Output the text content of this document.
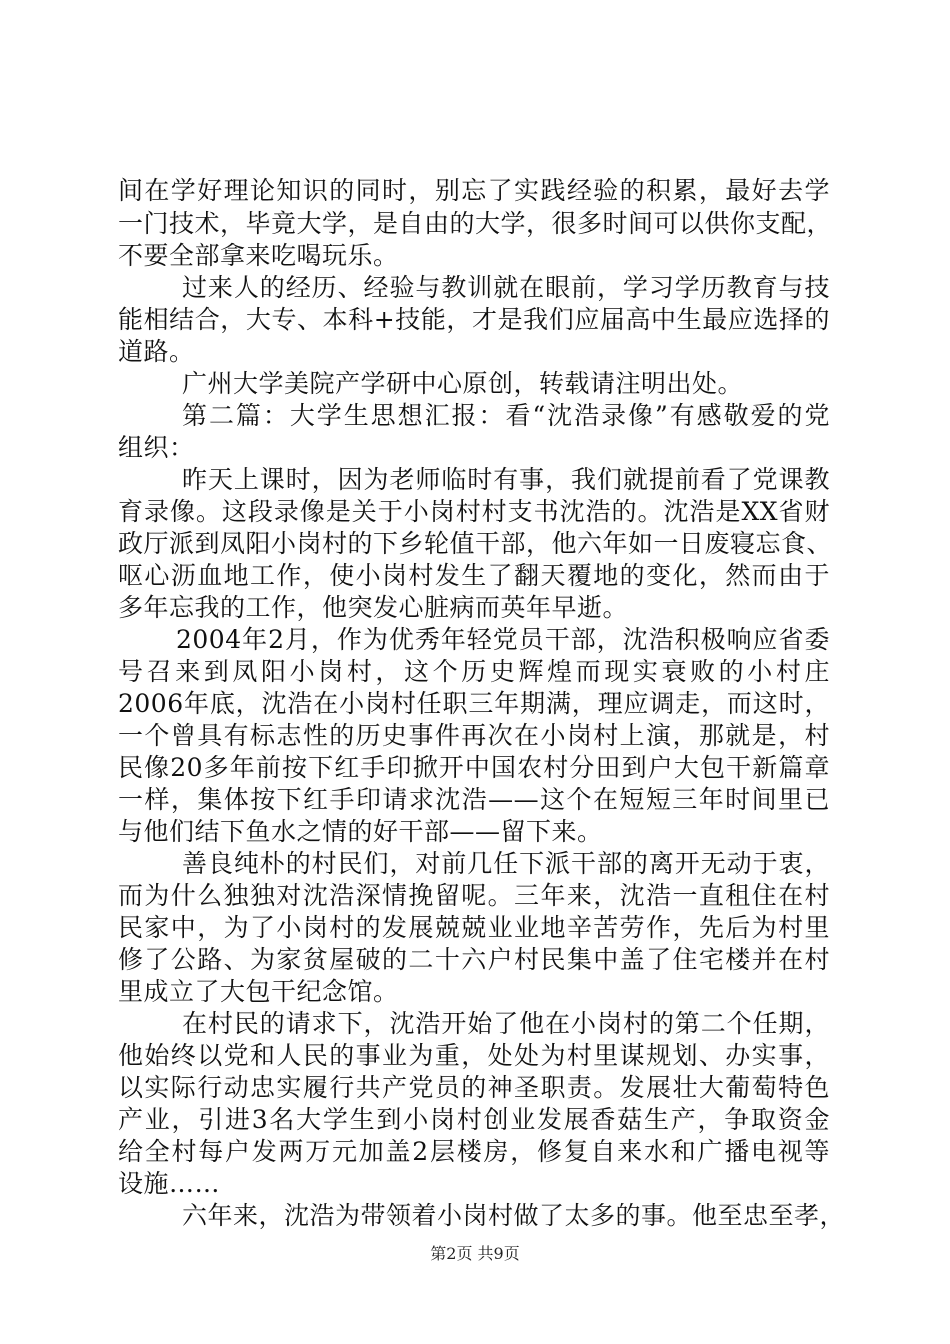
间在学好理论知识的同时，别忘了实践经验的积累，最好去学
一门技术，毕竟大学，是自由的大学，很多时间可以供你支配，
不要全部拿来吃喝玩乐。
过来人的经历、经验与教训就在眼前，学习学历教育与技
能相结合，大专、本科+技能，才是我们应届高中生最应选择的
道路。
广州大学美院产学研中心原创，转载请注明出处。
第二篇：大学生思想汇报：看“沈浩录像”有感敬爱的党
组织：
昨天上课时，因为老师临时有事，我们就提前看了党课教
育录像。这段录像是关于小岗村村支书沈浩的。沈浩是XX省财
政厅派到凤阳小岗村的下乡轮值干部，他六年如一日废寝忘食、
呕心沥血地工作，使小岗村发生了翻天覆地的变化，然而由于
多年忘我的工作，他突发心脏病而英年早逝。
2004年2月，作为优秀年轻党员干部，沈浩积极响应省委
号召来到凤阳小岗村，这个历史辉煌而现实衰败的小村庄
2006年底，沈浩在小岗村任职三年期满，理应调走，而这时，
一个曾具有标志性的历史事件再次在小岗村上演，那就是，村
民像20多年前按下红手印掀开中国农村分田到户大包干新篇章
一样，集体按下红手印请求沈浩——这个在短短三年时间里已
与他们结下鱼水之情的好干部——留下来。
善良纯朴的村民们，对前几任下派干部的离开无动于衷，
而为什么独独对沈浩深情挽留呢。三年来，沈浩一直租住在村
民家中，为了小岗村的发展兢兢业业地辛苦劳作，先后为村里
修了公路、为家贫屋破的二十六户村民集中盖了住宅楼并在村
里成立了大包干纪念馆。
在村民的请求下，沈浩开始了他在小岗村的第二个任期，
他始终以党和人民的事业为重，处处为村里谋规划、办实事，
以实际行动忠实履行共产党员的神圣职责。发展壮大葡萄特色
产业，引进3名大学生到小岗村创业发展香菇生产，争取资金
给全村每户发两万元加盖2层楼房，修复自来水和广播电视等
设施……
六年来，沈浩为带领着小岗村做了太多的事。他至忠至孝，
第2页 共9页
